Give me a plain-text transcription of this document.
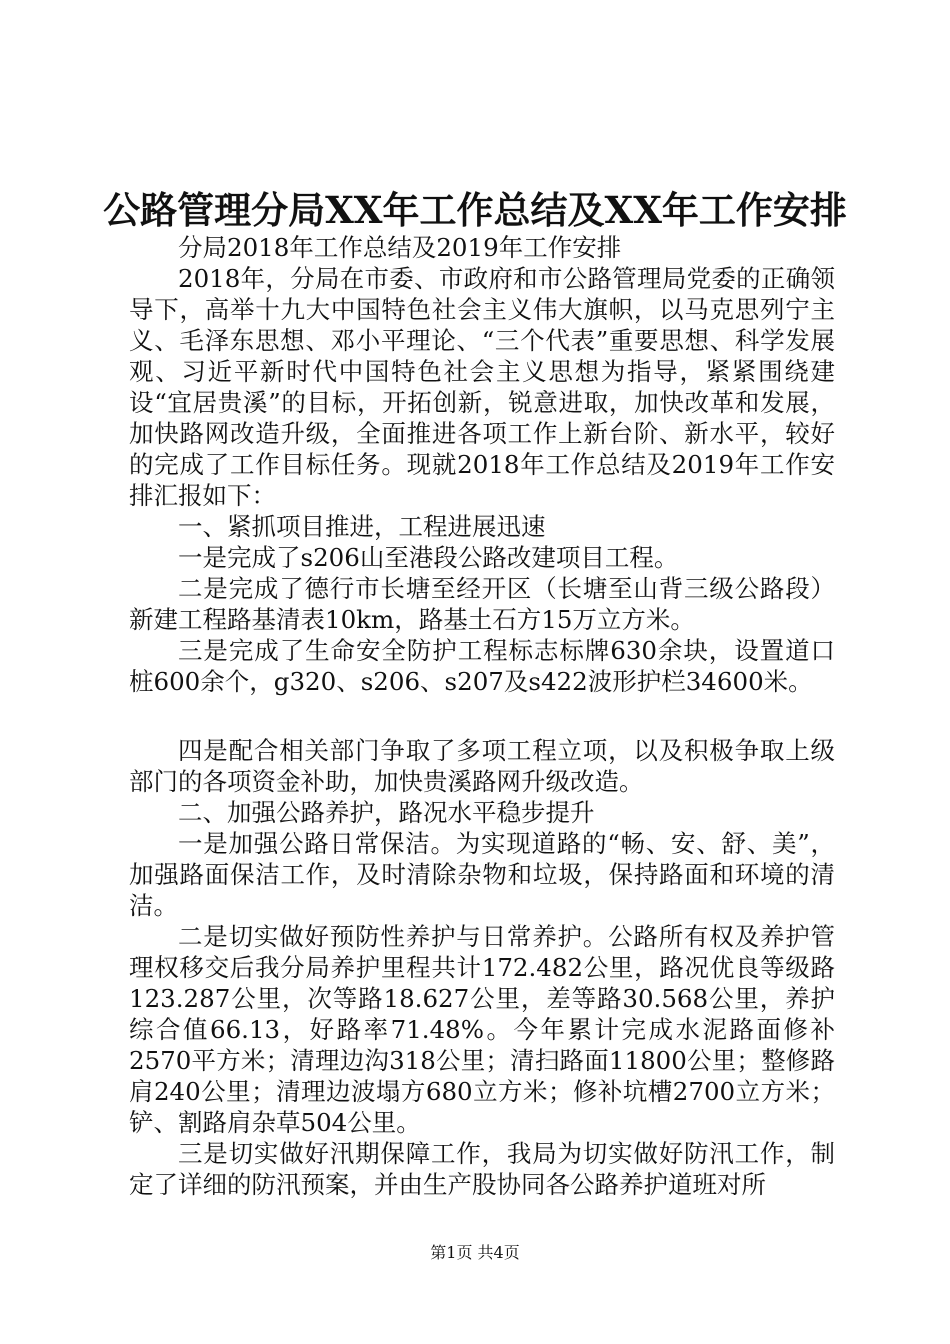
公路管理分局XX年工作总结及XX年工作安排

分局2018年工作总结及2019年工作安排

2018年，分局在市委、市政府和市公路管理局党委的正确领导下，高举十九大中国特色社会主义伟大旗帜，以马克思列宁主义、毛泽东思想、邓小平理论、“三个代表”重要思想、科学发展观、习近平新时代中国特色社会主义思想为指导，紧紧围绕建设“宜居贵溪”的目标，开拓创新，锐意进取，加快改革和发展，加快路网改造升级，全面推进各项工作上新台阶、新水平，较好的完成了工作目标任务。现就2018年工作总结及2019年工作安排汇报如下：

一、紧抓项目推进，工程进展迅速

一是完成了s206山至港段公路改建项目工程。

二是完成了德行市长塘至经开区（长塘至山背三级公路段）新建工程路基清表10km，路基土石方15万立方米。

三是完成了生命安全防护工程标志标牌630余块，设置道口桩600余个，g320、s206、s207及s422波形护栏34600米。

四是配合相关部门争取了多项工程立项，以及积极争取上级部门的各项资金补助，加快贵溪路网升级改造。

二、加强公路养护，路况水平稳步提升

一是加强公路日常保洁。为实现道路的“畅、安、舒、美”，加强路面保洁工作，及时清除杂物和垃圾，保持路面和环境的清洁。

二是切实做好预防性养护与日常养护。公路所有权及养护管理权移交后我分局养护里程共计172.482公里，路况优良等级路123.287公里，次等路18.627公里，差等路30.568公里，养护综合值66.13，好路率71.48%。今年累计完成水泥路面修补2570平方米；清理边沟318公里；清扫路面11800公里；整修路肩240公里；清理边波塌方680立方米；修补坑槽2700立方米；铲、割路肩杂草504公里。

三是切实做好汛期保障工作，我局为切实做好防汛工作，制定了详细的防汛预案，并由生产股协同各公路养护道班对所

第1页 共4页
